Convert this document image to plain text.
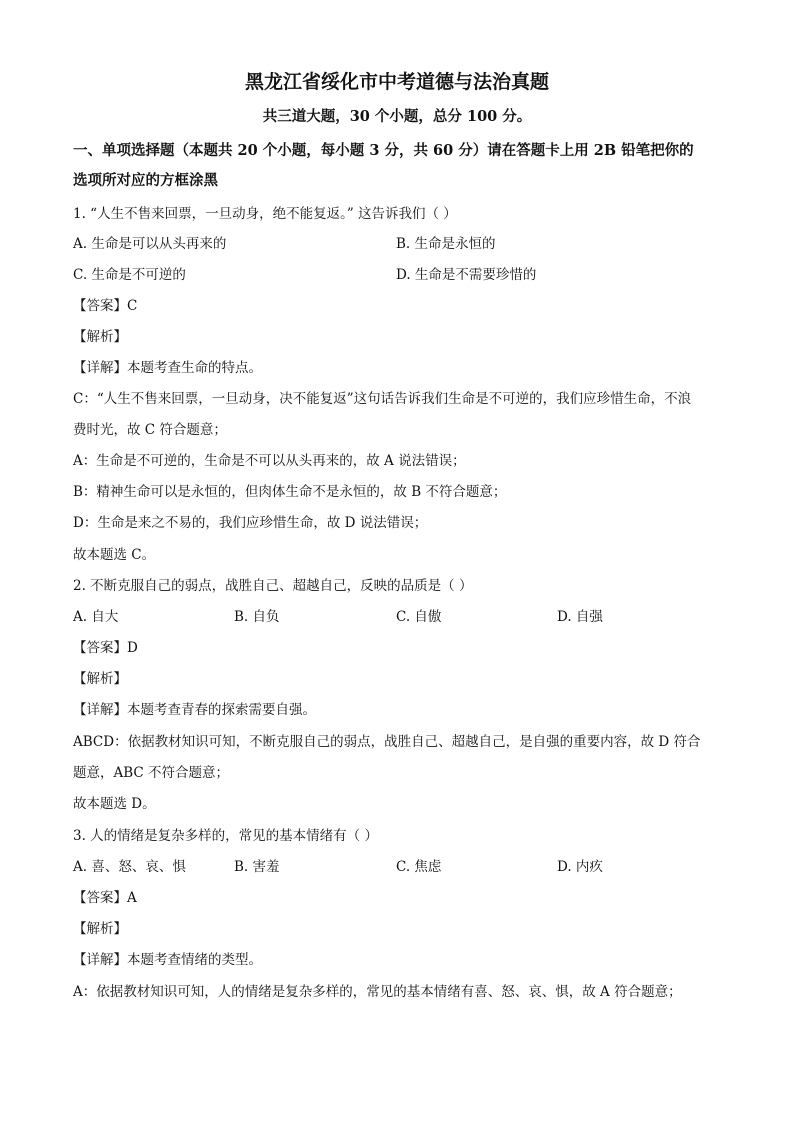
黑龙江省绥化市中考道德与法治真题
共三道大题，30 个小题，总分 100 分。
一、单项选择题（本题共 20 个小题，每小题 3 分，共 60 分）请在答题卡上用 2B 铅笔把你的
选项所对应的方框涂黑
1. “人生不售来回票，一旦动身，绝不能复返。” 这告诉我们（ ）
A. 生命是可以从头再来的	B. 生命是永恒的
C. 生命是不可逆的	D. 生命是不需要珍惜的
【答案】C
【解析】
【详解】本题考查生命的特点。
C：“人生不售来回票，一旦动身，决不能复返”这句话告诉我们生命是不可逆的，我们应珍惜生命，不浪
费时光，故 C 符合题意；
A：生命是不可逆的，生命是不可以从头再来的，故 A 说法错误；
B：精神生命可以是永恒的，但肉体生命不是永恒的，故 B 不符合题意；
D：生命是来之不易的，我们应珍惜生命，故 D 说法错误；
故本题选 C。
2. 不断克服自己的弱点，战胜自己、超越自己，反映的品质是（ ）
A. 自大	B. 自负	C. 自傲	D. 自强
【答案】D
【解析】
【详解】本题考查青春的探索需要自强。
ABCD：依据教材知识可知，不断克服自己的弱点，战胜自己、超越自己，是自强的重要内容，故 D 符合
题意，ABC 不符合题意；
故本题选 D。
3. 人的情绪是复杂多样的，常见的基本情绪有（ ）
A. 喜、怒、哀、惧	B. 害羞	C. 焦虑	D. 内疚
【答案】A
【解析】
【详解】本题考查情绪的类型。
A：依据教材知识可知，人的情绪是复杂多样的，常见的基本情绪有喜、怒、哀、惧，故 A 符合题意；
